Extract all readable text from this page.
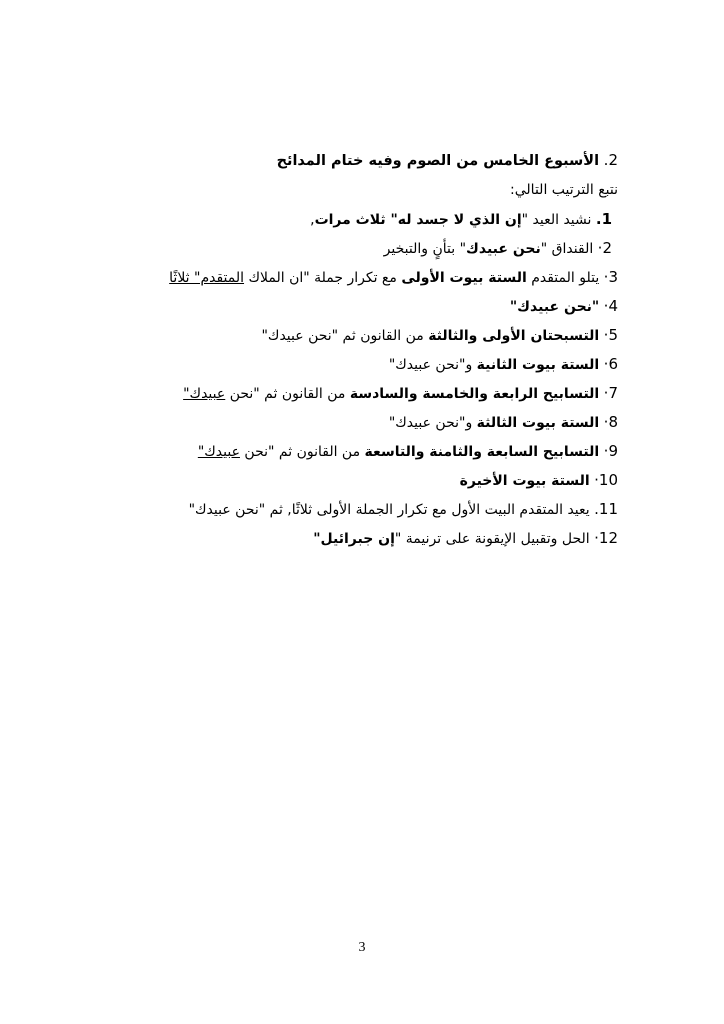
2. الأسبوع الخامس من الصوم وفيه ختام المدائح
نتبع الترتيب التالي:
1. نشيد العيد "إن الذي لا جسد له" ثلاث مرات,
2· القنداق "نحن عبيدك" بتأنٍ والتبخير
3· يتلو المتقدم الستة بيوت الأولى مع تكرار جملة "ان الملاك المتقدم" ثلاثًا
4· "نحن عبيدك"
5· التسبحتان الأولى والثالثة من القانون ثم "نحن عبيدك"
6· الستة بيوت الثانية و"نحن عبيدك"
7· التسابيح الرابعة والخامسة والسادسة من القانون ثم "نحن عبيدك"
8· الستة بيوت الثالثة و"نحن عبيدك"
9· التسابيح السابعة والثامنة والتاسعة من القانون ثم "نحن عبيدك"
10· الستة بيوت الأخيرة
11. يعيد المتقدم البيت الأول مع تكرار الجملة الأولى ثلاثًا, ثم "نحن عبيدك"
12· الحل وتقبيل الإيقونة على ترنيمة "إن جبرائيل"
3
